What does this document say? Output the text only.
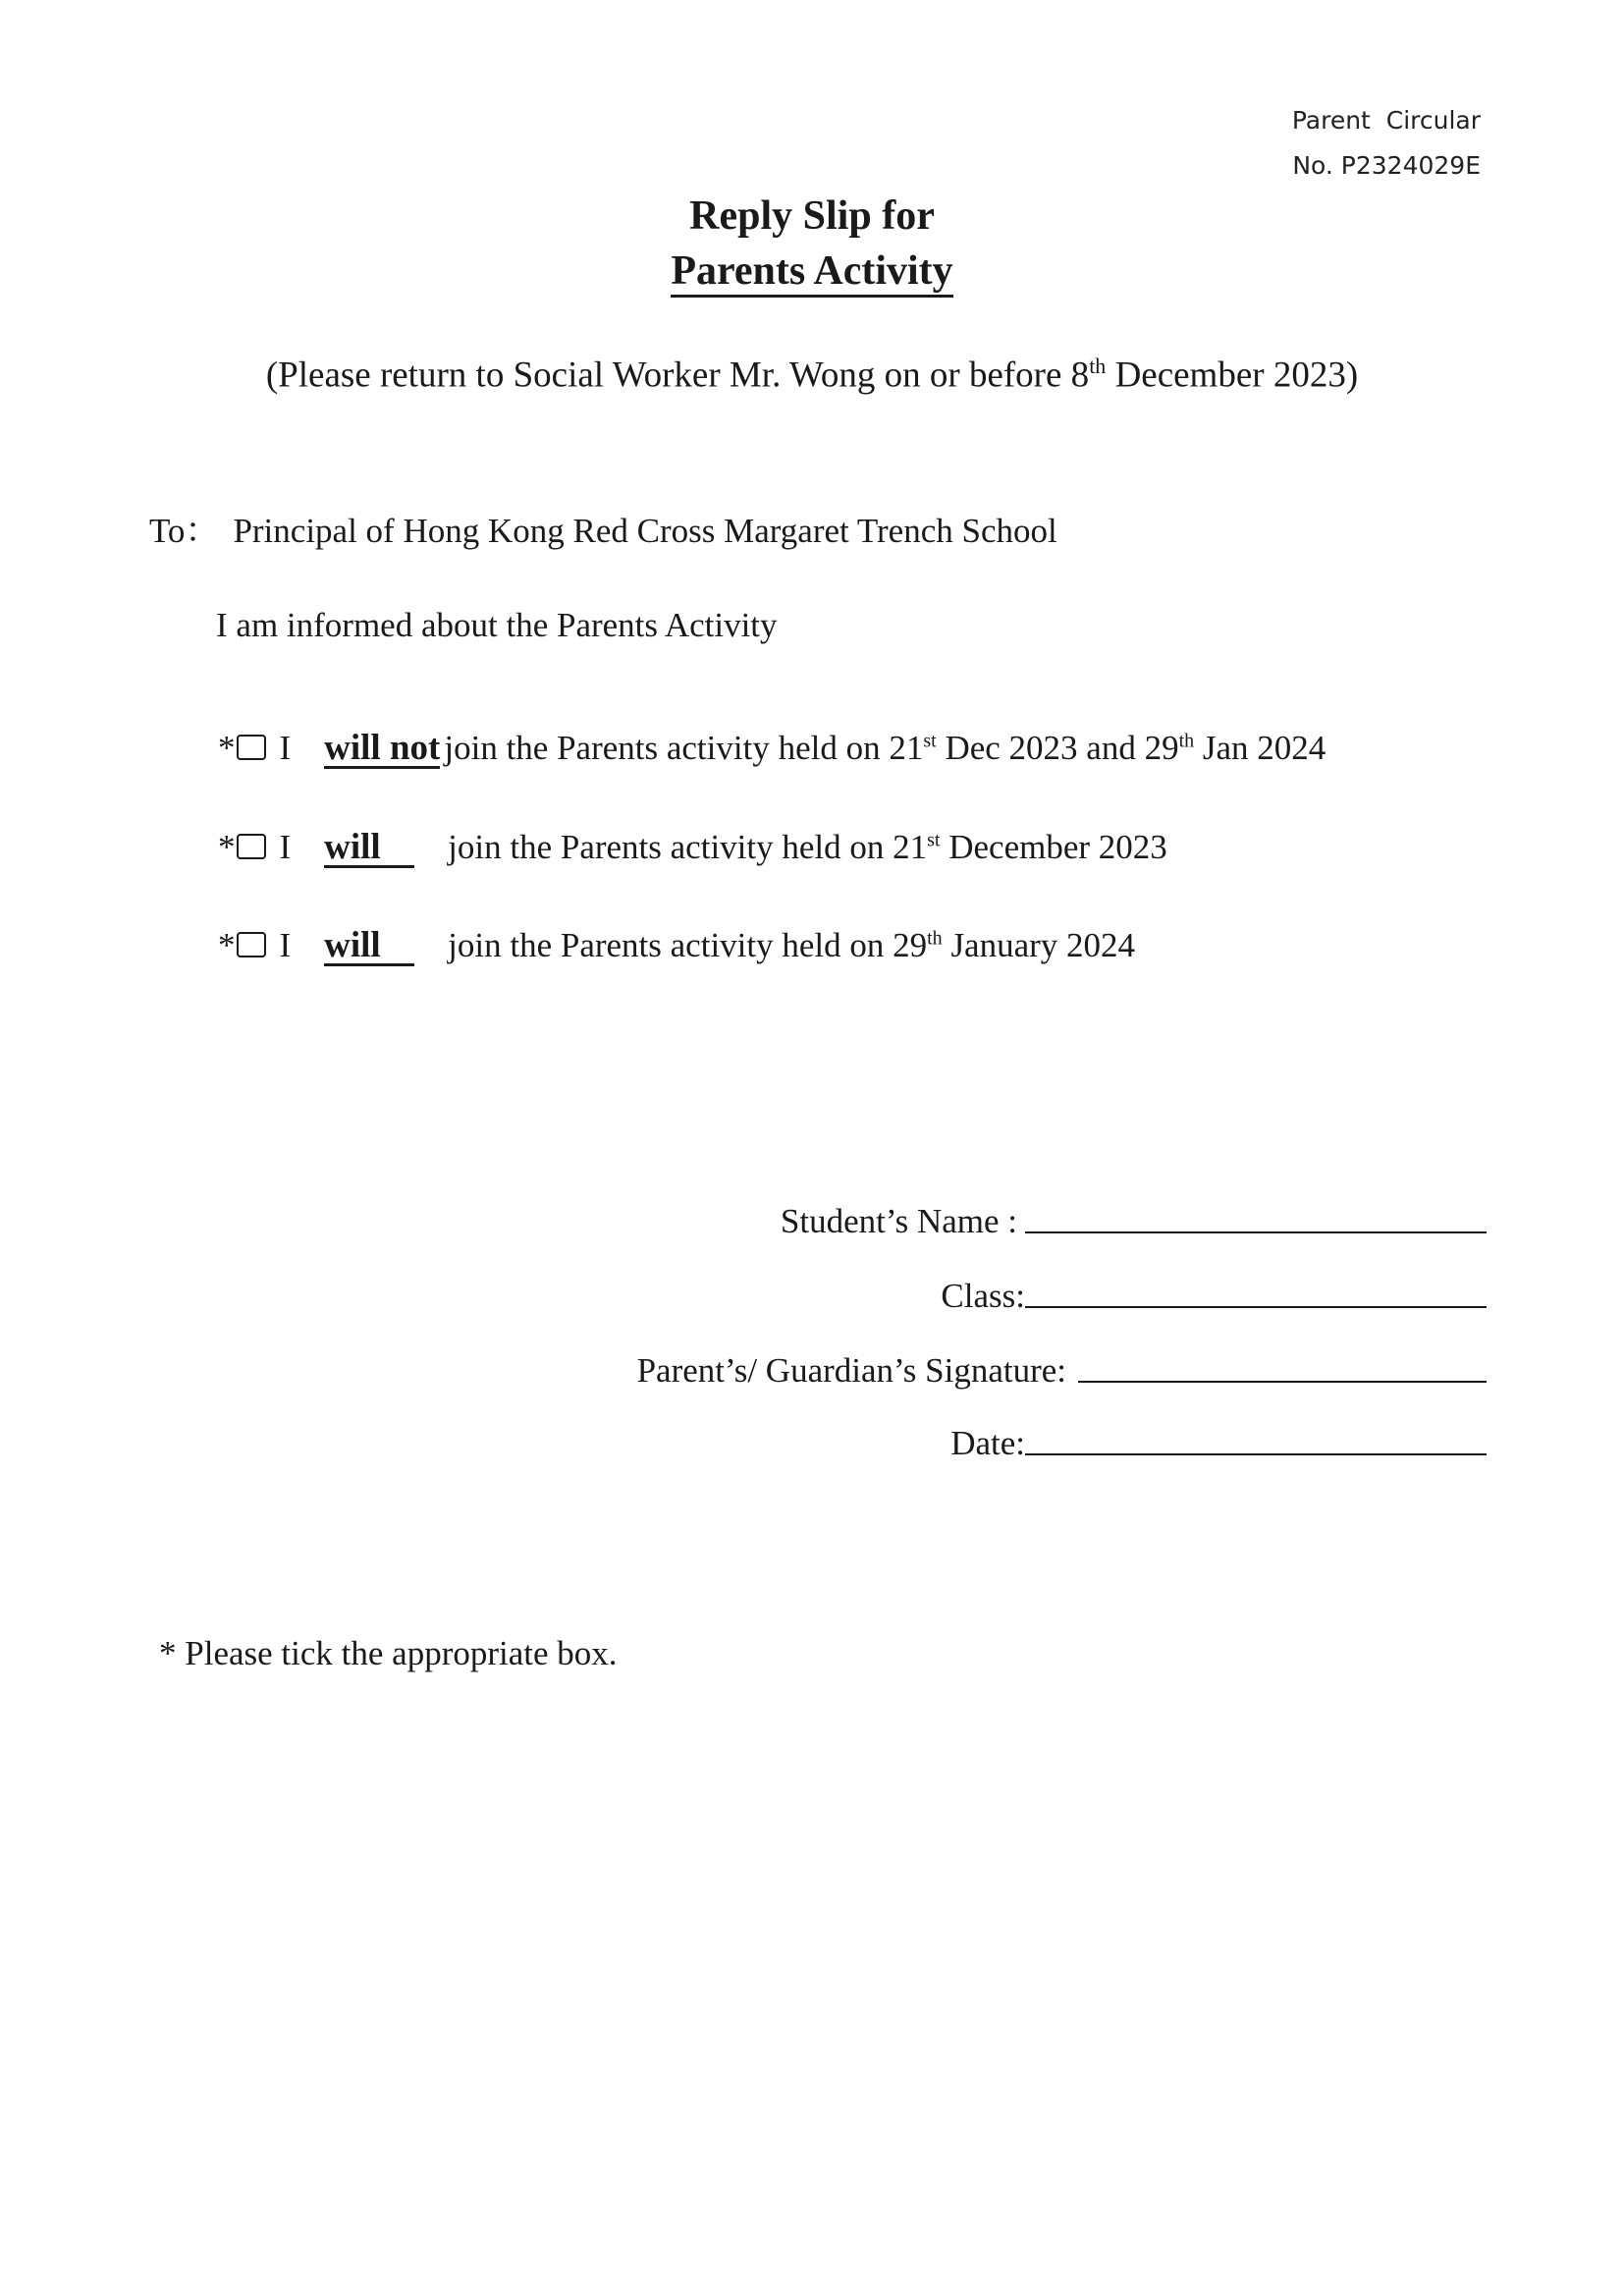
Parent  Circular
No. P2324029E
Reply Slip for
Parents Activity
(Please return to Social Worker Mr. Wong on or before 8th December 2023)
To： Principal of Hong Kong Red Cross Margaret Trench School
I am informed about the Parents Activity
* I will not join the Parents activity held on 21st Dec 2023 and 29th Jan 2024
* I will join the Parents activity held on 21st December 2023
* I will join the Parents activity held on 29th January 2024
Student’s Name :
Class:
Parent’s/ Guardian’s Signature:
Date:
* Please tick the appropriate box.
